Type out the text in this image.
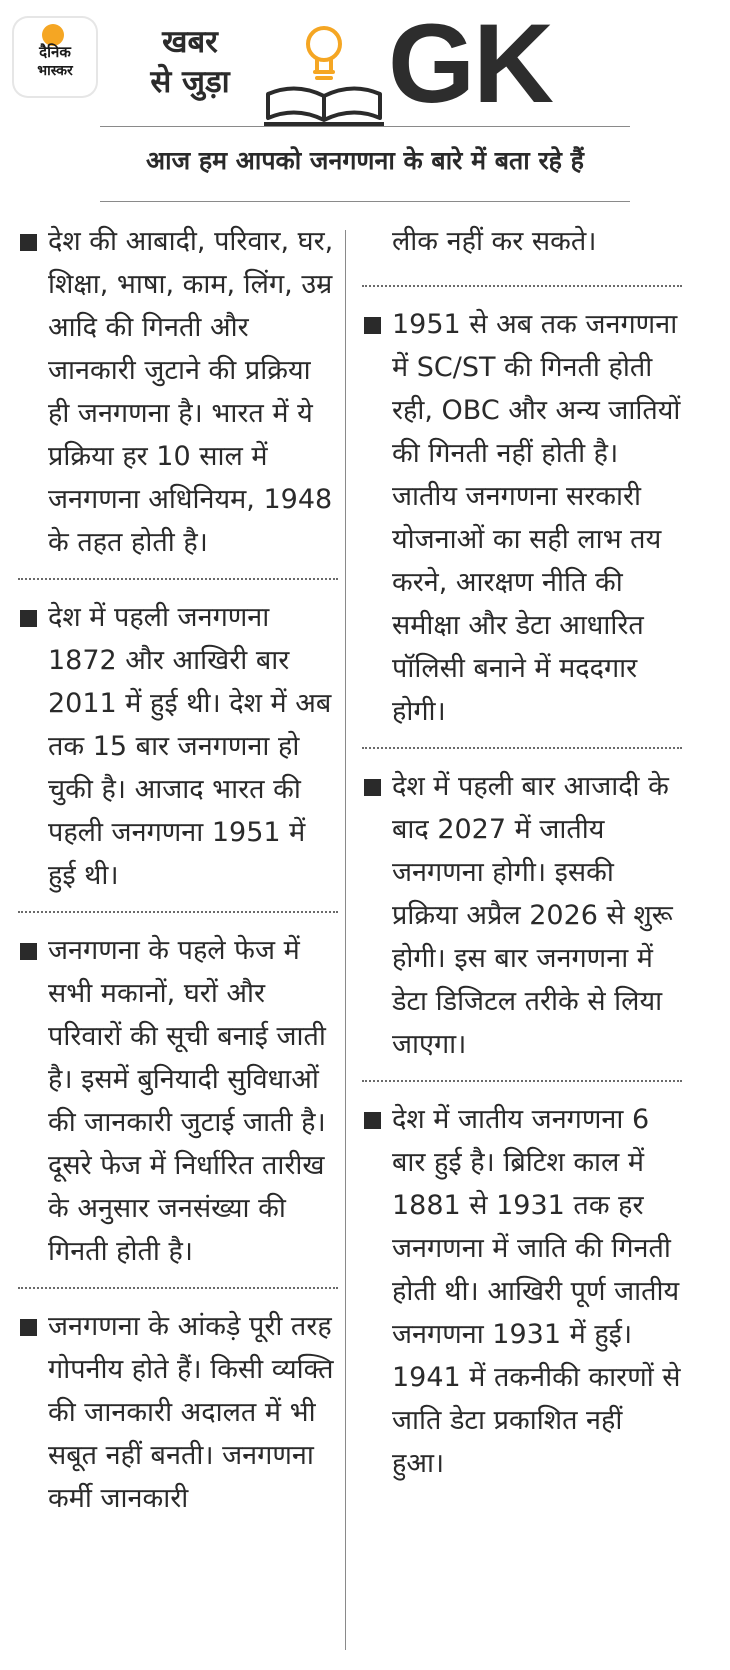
दैनिक
भास्कर
खबर
से जुड़ा	GK
आज हम आपको जनगणना के बारे में बता रहे हैं
देश की आबादी, परिवार, घर, शिक्षा, भाषा, काम, लिंग, उम्र आदि की गिनती और जानकारी जुटाने की प्रक्रिया ही जनगणना है। भारत में ये प्रक्रिया हर 10 साल में जनगणना अधिनियम, 1948 के तहत होती है।
देश में पहली जनगणना 1872 और आखिरी बार 2011 में हुई थी। देश में अब तक 15 बार जनगणना हो चुकी है। आजाद भारत की पहली जनगणना 1951 में हुई थी।
जनगणना के पहले फेज में सभी मकानों, घरों और परिवारों की सूची बनाई जाती है। इसमें बुनियादी सुविधाओं की जानकारी जुटाई जाती है। दूसरे फेज में निर्धारित तारीख के अनुसार जनसंख्या की गिनती होती है।
जनगणना के आंकड़े पूरी तरह गोपनीय होते हैं। किसी व्यक्ति की जानकारी अदालत में भी सबूत नहीं बनती। जनगणना कर्मी जानकारी
लीक नहीं कर सकते।
1951 से अब तक जनगणना में SC/ST की गिनती होती रही, OBC और अन्य जातियों की गिनती नहीं होती है। जातीय जनगणना सरकारी योजनाओं का सही लाभ तय करने, आरक्षण नीति की समीक्षा और डेटा आधारित पॉलिसी बनाने में मददगार होगी।
देश में पहली बार आजादी के बाद 2027 में जातीय जनगणना होगी। इसकी प्रक्रिया अप्रैल 2026 से शुरू होगी। इस बार जनगणना में डेटा डिजिटल तरीके से लिया जाएगा।
देश में जातीय जनगणना 6 बार हुई है। ब्रिटिश काल में 1881 से 1931 तक हर जनगणना में जाति की गिनती होती थी। आखिरी पूर्ण जातीय जनगणना 1931 में हुई। 1941 में तकनीकी कारणों से जाति डेटा प्रकाशित नहीं हुआ।
